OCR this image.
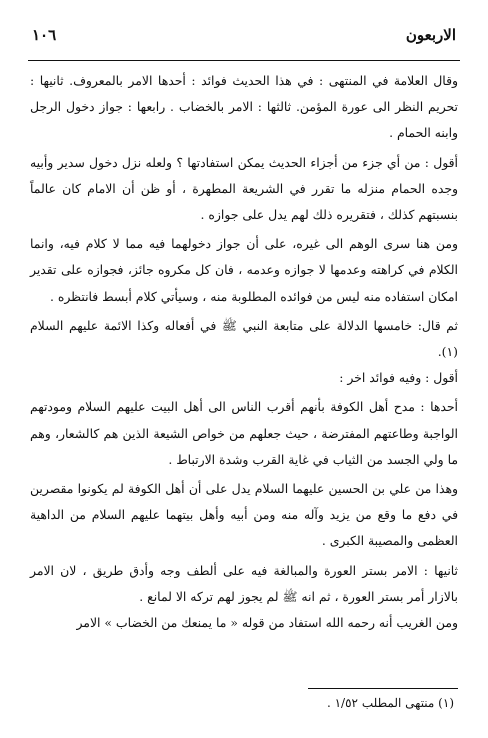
الاربعون
١٠٦

وقال العلامة في المنتهى : في هذا الحديث فوائد : أحدها الامر بالمعروف. ثانيها : تحريم النظر الى عورة المؤمن. ثالثها : الامر بالخضاب . رابعها : جواز دخول الرجل وابنه الحمام .

أقول : من أي جزء من أجزاء الحديث يمكن استفادتها ؟ ولعله نزل دخول سدير وأبيه وجده الحمام منزله ما تقرر في الشريعة المطهرة ، أو ظن أن الامام كان عالماً بنسبتهم كذلك ، فتقريره ذلك لهم يدل على جوازه .

ومن هنا سرى الوهم الى غيره، على أن جواز دخولهما فيه مما لا كلام فيه، وانما الكلام في كراهته وعدمها لا جوازه وعدمه ، فان كل مكروه جائز، فجوازه على تقدير امكان استفاده منه ليس من فوائده المطلوبة منه ، وسيأتي كلام أبسط فانتظره .

ثم قال: خامسها الدلالة على متابعة النبي ﷺ في أفعاله وكذا الائمة عليهم السلام (١).

أقول : وفيه فوائد اخر :

أحدها : مدح أهل الكوفة بأنهم أقرب الناس الى أهل البيت عليهم السلام ومودتهم الواجبة وطاعتهم المفترضة ، حيث جعلهم من خواص الشيعة الذين هم كالشعار، وهم ما ولي الجسد من الثياب في غاية القرب وشدة الارتباط .

وهذا من علي بن الحسين عليهما السلام يدل على أن أهل الكوفة لم يكونوا مقصرين في دفع ما وقع من يزيد وآله منه ومن أبيه وأهل بيتهما عليهم السلام من الداهية العظمى والمصيبة الكبرى .

ثانيها : الامر بستر العورة والمبالغة فيه على ألطف وجه وأدق طريق ، لان الامر بالازار أمر بستر العورة ، ثم انه ﷺ لم يجوز لهم تركه الا لمانع .

ومن الغريب أنه رحمه الله استفاد من قوله « ما يمنعك من الخضاب » الامر

(١) منتهى المطلب ١/٥٢ .
